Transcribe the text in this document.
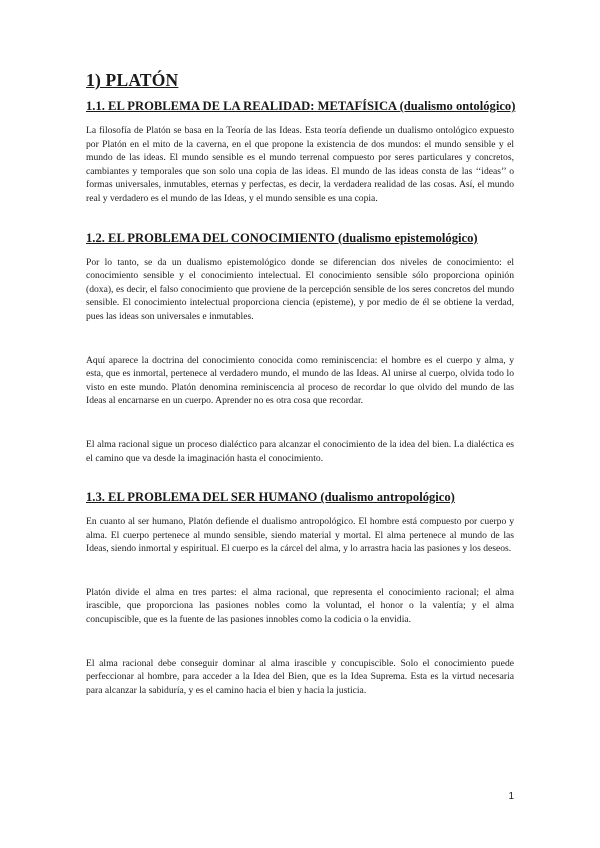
1) PLATÓN
1.1. EL PROBLEMA DE LA REALIDAD: METAFÍSICA (dualismo ontológico)

La filosofía de Platón se basa en la Teoría de las Ideas. Esta teoría defiende un dualismo ontológico expuesto por Platón en el mito de la caverna, en el que propone la existencia de dos mundos: el mundo sensible y el mundo de las ideas. El mundo sensible es el mundo terrenal compuesto por seres particulares y concretos, cambiantes y temporales que son solo una copia de las ideas. El mundo de las ideas consta de las ‘‘ideas’’ o formas universales, inmutables, eternas y perfectas, es decir, la verdadera realidad de las cosas. Así, el mundo real y verdadero es el mundo de las Ideas, y el mundo sensible es una copia.

1.2. EL PROBLEMA DEL CONOCIMIENTO (dualismo epistemológico)

Por lo tanto, se da un dualismo epistemológico donde se diferencian dos niveles de conocimiento: el conocimiento sensible y el conocimiento intelectual. El conocimiento sensible sólo proporciona opinión (doxa), es decir, el falso conocimiento que proviene de la percepción sensible de los seres concretos del mundo sensible. El conocimiento intelectual proporciona ciencia (episteme), y por medio de él se obtiene la verdad, pues las ideas son universales e inmutables.

Aquí aparece la doctrina del conocimiento conocida como reminiscencia: el hombre es el cuerpo y alma, y esta, que es inmortal, pertenece al verdadero mundo, el mundo de las Ideas. Al unirse al cuerpo, olvida todo lo visto en este mundo. Platón denomina reminiscencia al proceso de recordar lo que olvido del mundo de las Ideas al encarnarse en un cuerpo. Aprender no es otra cosa que recordar.

El alma racional sigue un proceso dialéctico para alcanzar el conocimiento de la idea del bien. La dialéctica es el camino que va desde la imaginación hasta el conocimiento.

1.3. EL PROBLEMA DEL SER HUMANO (dualismo antropológico)

En cuanto al ser humano, Platón defiende el dualismo antropológico. El hombre está compuesto por cuerpo y alma. El cuerpo pertenece al mundo sensible, siendo material y mortal. El alma pertenece al mundo de las Ideas, siendo inmortal y espiritual. El cuerpo es la cárcel del alma, y lo arrastra hacia las pasiones y los deseos.

Platón divide el alma en tres partes: el alma racional, que representa el conocimiento racional; el alma irascible, que proporciona las pasiones nobles como la voluntad, el honor o la valentía; y el alma concupiscible, que es la fuente de las pasiones innobles como la codicia o la envidia.

El alma racional debe conseguir dominar al alma irascible y concupiscible. Solo el conocimiento puede perfeccionar al hombre, para acceder a la Idea del Bien, que es la Idea Suprema. Esta es la virtud necesaria para alcanzar la sabiduría, y es el camino hacia el bien y hacia la justicia.

1
